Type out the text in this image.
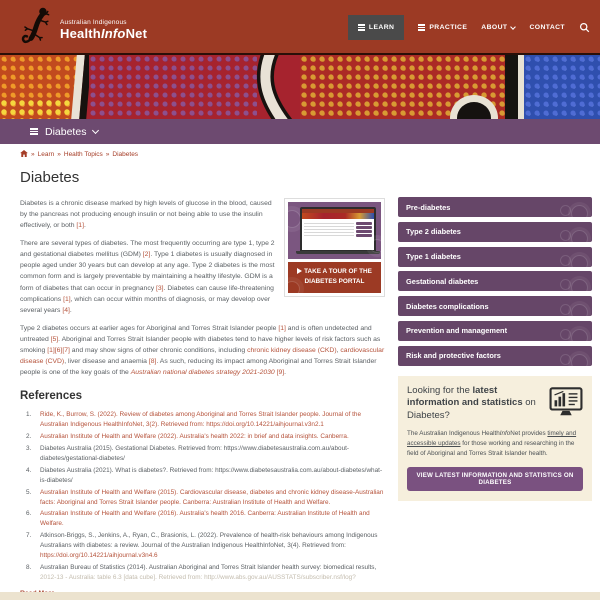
Australian Indigenous
HealthInfoNet	LEARN	PRACTICE ABOUT	CONTACT
Diabetes
» Learn » Health Topics » Diabetes
Diabetes
TAKE A TOUR OF THE DIABETES PORTAL
Diabetes is a chronic disease marked by high levels of glucose in the blood, caused by the pancreas not producing enough insulin or not being able to use the insulin effectively, or both [1].
There are several types of diabetes. The most frequently occurring are type 1, type 2 and gestational diabetes mellitus (GDM) [2]. Type 1 diabetes is usually diagnosed in people aged under 30 years but can develop at any age. Type 2 diabetes is the most common form and is largely preventable by maintaining a healthy lifestyle. GDM is a form of diabetes that can occur in pregnancy [3]. Diabetes can cause life-threatening complications [1], which can occur within months of diagnosis, or may develop over several years [4].
Type 2 diabetes occurs at earlier ages for Aboriginal and Torres Strait Islander people [1] and is often undetected and untreated [5]. Aboriginal and Torres Strait Islander people with diabetes tend to have higher levels of risk factors such as smoking [1][6][7] and may show signs of other chronic conditions, including chronic kidney disease (CKD), cardiovascular disease (CVD), liver disease and anaemia [8]. As such, reducing its impact among Aboriginal and Torres Strait Islander people is one of the key goals of the Australian national diabetes strategy 2021-2030 [9].
References
1.	Ride, K., Burrow, S. (2022). Review of diabetes among Aboriginal and Torres Strait Islander people. Journal of the Australian Indigenous HealthInfoNet, 3(2). Retrieved from: https://doi.org/10.14221/aihjournal.v3n2.1
2.	Australian Institute of Health and Welfare (2022). Australia's health 2022: in brief and data insights. Canberra.
3.	Diabetes Australia (2015). Gestational Diabetes. Retrieved from: https://www.diabetesaustralia.com.au/about-diabetes/gestational-diabetes/
4.	Diabetes Australia (2021). What is diabetes?. Retrieved from: https://www.diabetesaustralia.com.au/about-diabetes/what-is-diabetes/
5.	Australian Institute of Health and Welfare (2015). Cardiovascular disease, diabetes and chronic kidney disease-Australian facts: Aboriginal and Torres Strait Islander people. Canberra: Australian Institute of Health and Welfare.
6.	Australian Institute of Health and Welfare (2016). Australia's health 2016. Canberra: Australian Institute of Health and Welfare.
7.	Atkinson-Briggs, S., Jenkins, A., Ryan, C., Brasionis, L. (2022). Prevalence of health-risk behaviours among Indigenous Australians with diabetes: a review. Journal of the Australian Indigenous HealthInfoNet, 3(4). Retrieved from: https://doi.org/10.14221/aihjournal.v3n4.6
8.	Australian Bureau of Statistics (2014). Australian Aboriginal and Torres Strait Islander health survey: biomedical results, 2012-13 - Australia: table 6.3 [data cube]. Retrieved from: http://www.abs.gov.au/AUSSTATS/subscriber.nsf/log?
Pre-diabetes
Type 2 diabetes
Type 1 diabetes
Gestational diabetes
Diabetes complications
Prevention and management
Risk and protective factors
Looking for the latest information and statistics on Diabetes?
The Australian Indigenous HealthInfoNet provides timely and accessible updates for those working and researching in the field of Aboriginal and Torres Strait Islander health.
VIEW LATEST INFORMATION AND STATISTICS ON DIABETES
